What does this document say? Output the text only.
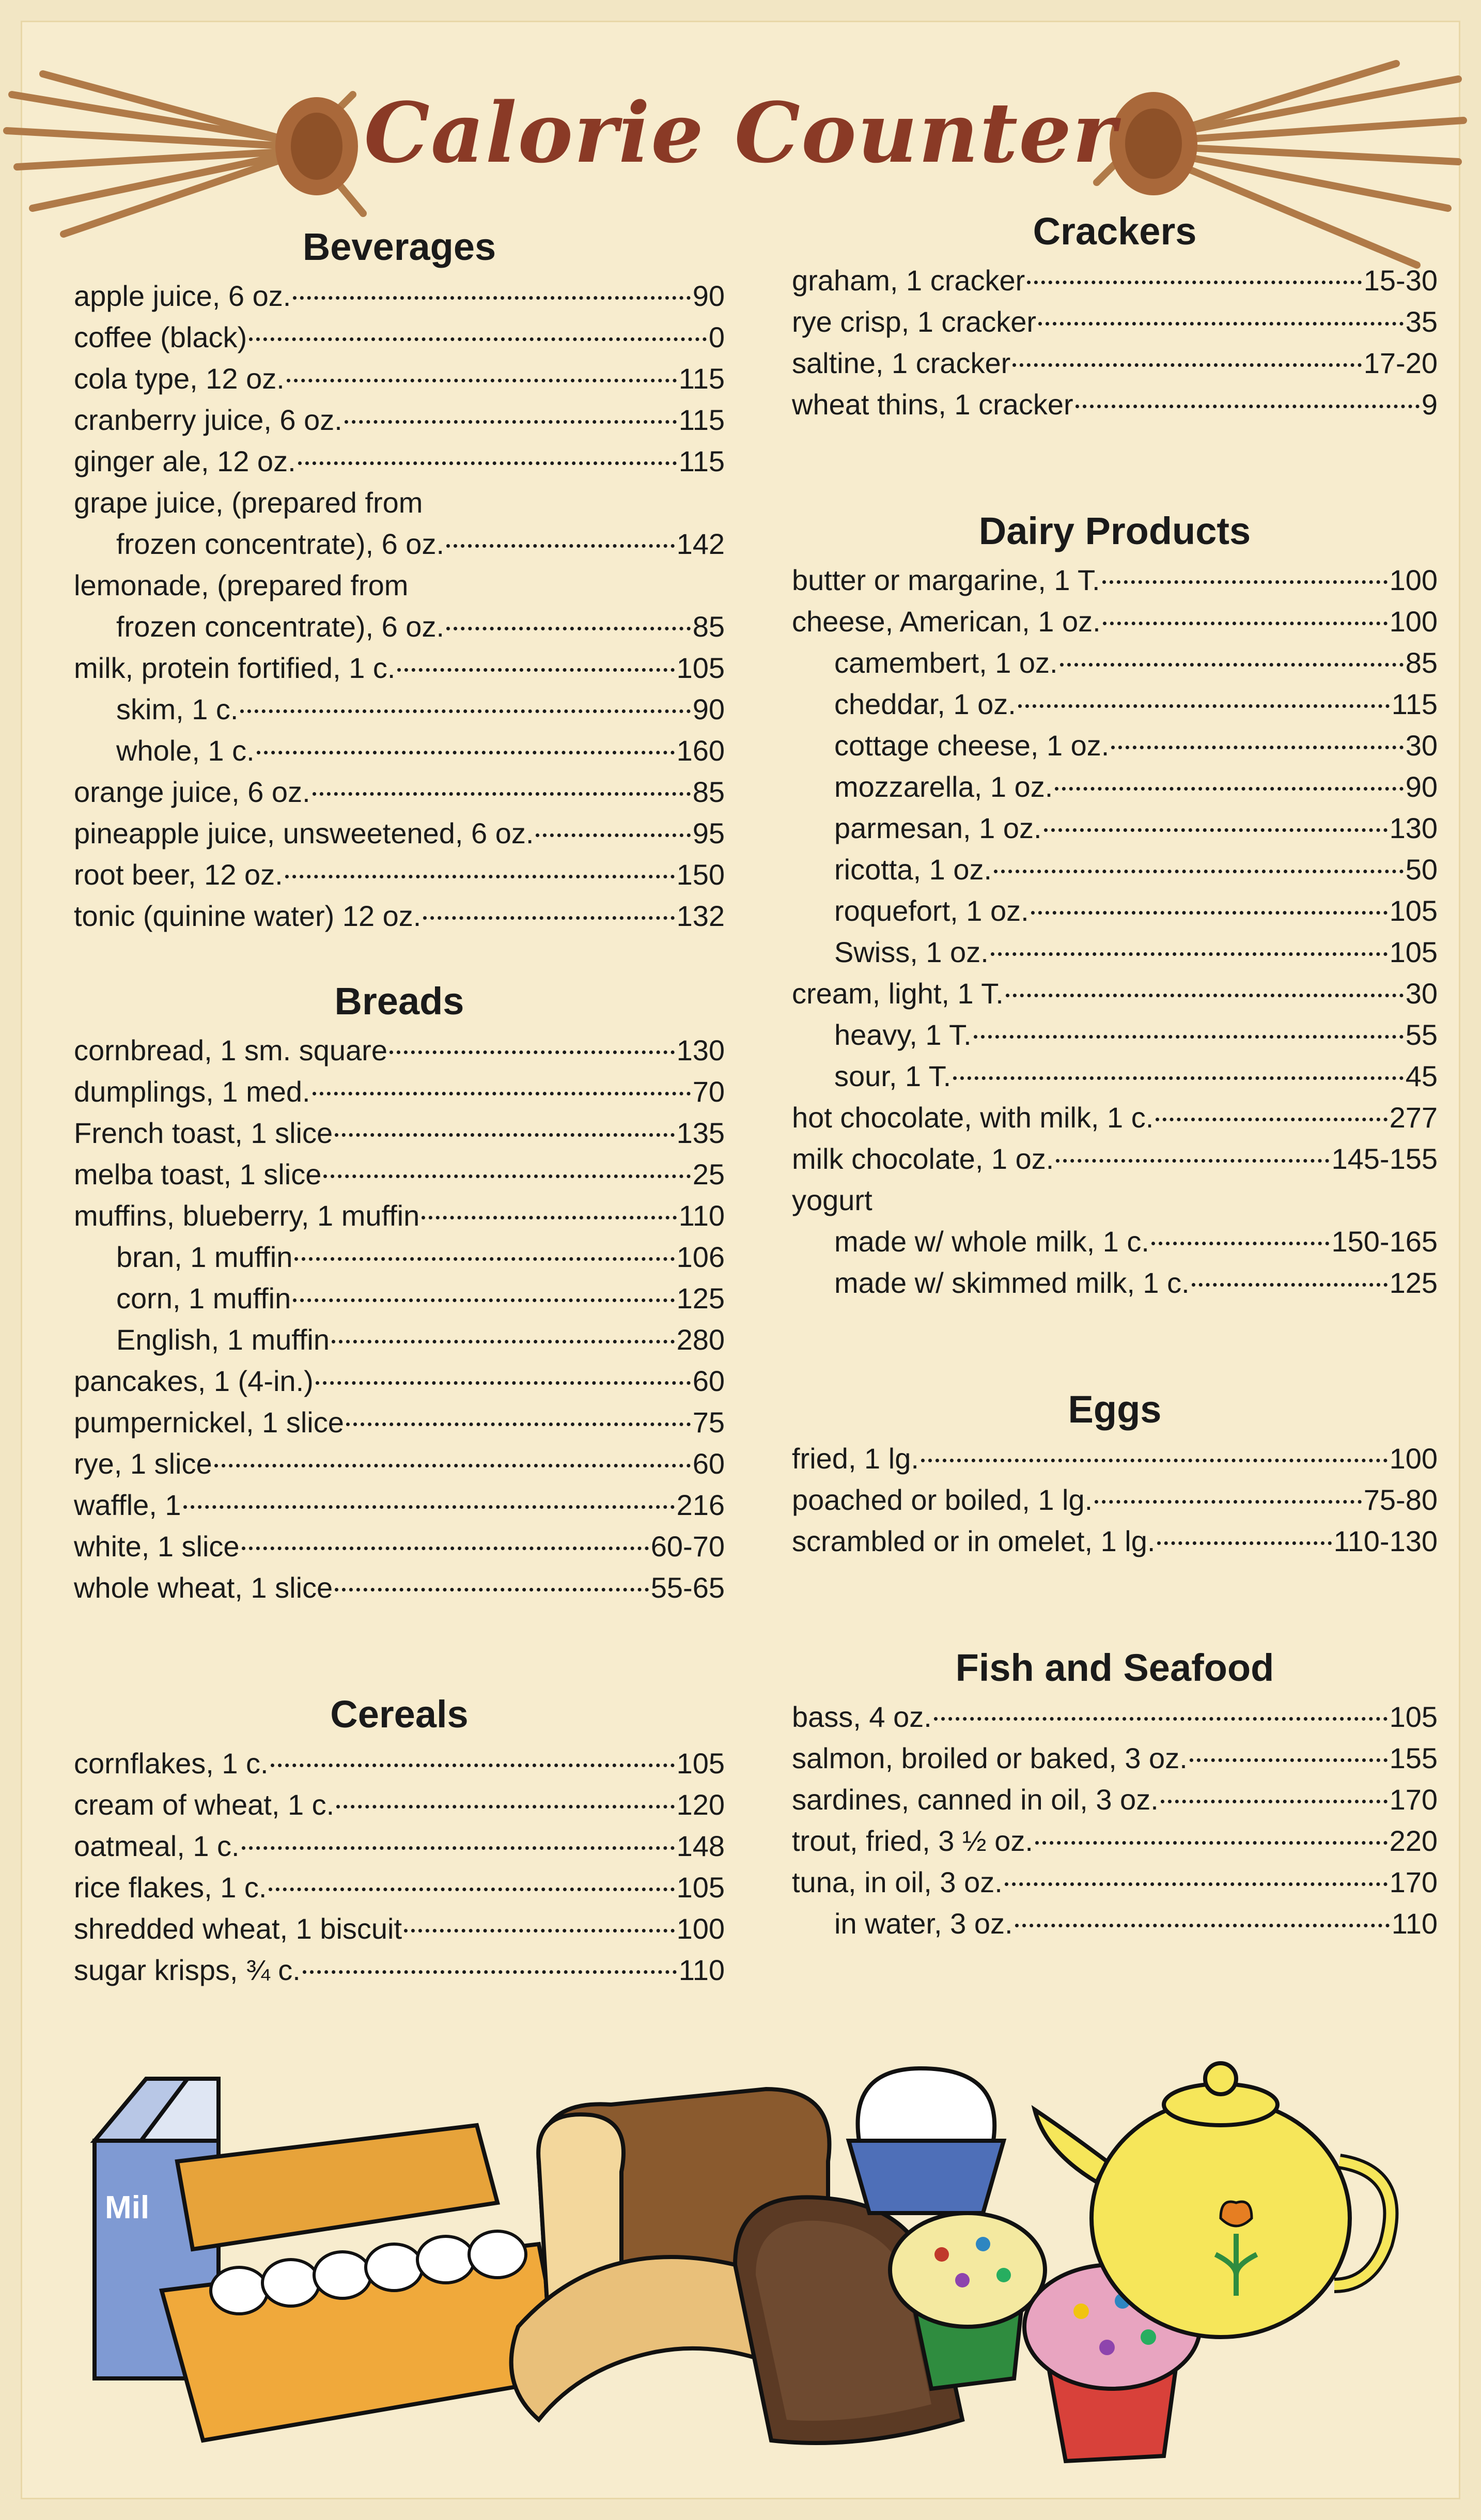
Calorie Counter
Beverages
apple juice, 6 oz.	90
coffee (black)	0
cola type, 12 oz.	115
cranberry juice, 6 oz.	115
ginger ale, 12 oz.	115
grape juice, (prepared from
frozen concentrate), 6 oz.	142
lemonade, (prepared from
frozen concentrate), 6 oz.	85
milk, protein fortified, 1 c.	105
skim, 1 c.	90
whole, 1 c.	160
orange juice, 6 oz.	85
pineapple juice, unsweetened, 6 oz.	95
root beer, 12 oz.	150
tonic (quinine water) 12 oz.	132
Breads
cornbread, 1 sm. square	130
dumplings, 1 med.	70
French toast, 1 slice	135
melba toast, 1 slice	25
muffins, blueberry, 1 muffin	110
bran, 1 muffin	106
corn, 1 muffin	125
English, 1 muffin	280
pancakes, 1 (4-in.)	60
pumpernickel, 1 slice	75
rye, 1 slice	60
waffle, 1	216
white, 1 slice	60-70
whole wheat, 1 slice	55-65
Cereals
cornflakes, 1 c.	105
cream of wheat, 1 c.	120
oatmeal, 1 c.	148
rice flakes, 1 c.	105
shredded wheat, 1 biscuit	100
sugar krisps, ¾ c.	110
Crackers
graham, 1 cracker	15-30
rye crisp, 1 cracker	35
saltine, 1 cracker	17-20
wheat thins, 1 cracker	9
Dairy Products
butter or margarine, 1 T.	100
cheese, American, 1 oz.	100
camembert, 1 oz.	85
cheddar, 1 oz.	115
cottage cheese, 1 oz.	30
mozzarella, 1 oz.	90
parmesan, 1 oz.	130
ricotta, 1 oz.	50
roquefort, 1 oz.	105
Swiss, 1 oz.	105
cream, light, 1 T.	30
heavy, 1 T.	55
sour, 1 T.	45
hot chocolate, with milk, 1 c.	277
milk chocolate, 1 oz.	145-155
yogurt
made w/ whole milk, 1 c.	150-165
made w/ skimmed milk, 1 c.	125
Eggs
fried, 1 lg.	100
poached or boiled, 1 lg.	75-80
scrambled or in omelet, 1 lg.	110-130
Fish and Seafood
bass, 4 oz.	105
salmon, broiled or baked, 3 oz.	155
sardines, canned in oil, 3 oz.	170
trout, fried, 3 ½ oz.	220
tuna, in oil, 3 oz.	170
in water, 3 oz.	110
Mil
